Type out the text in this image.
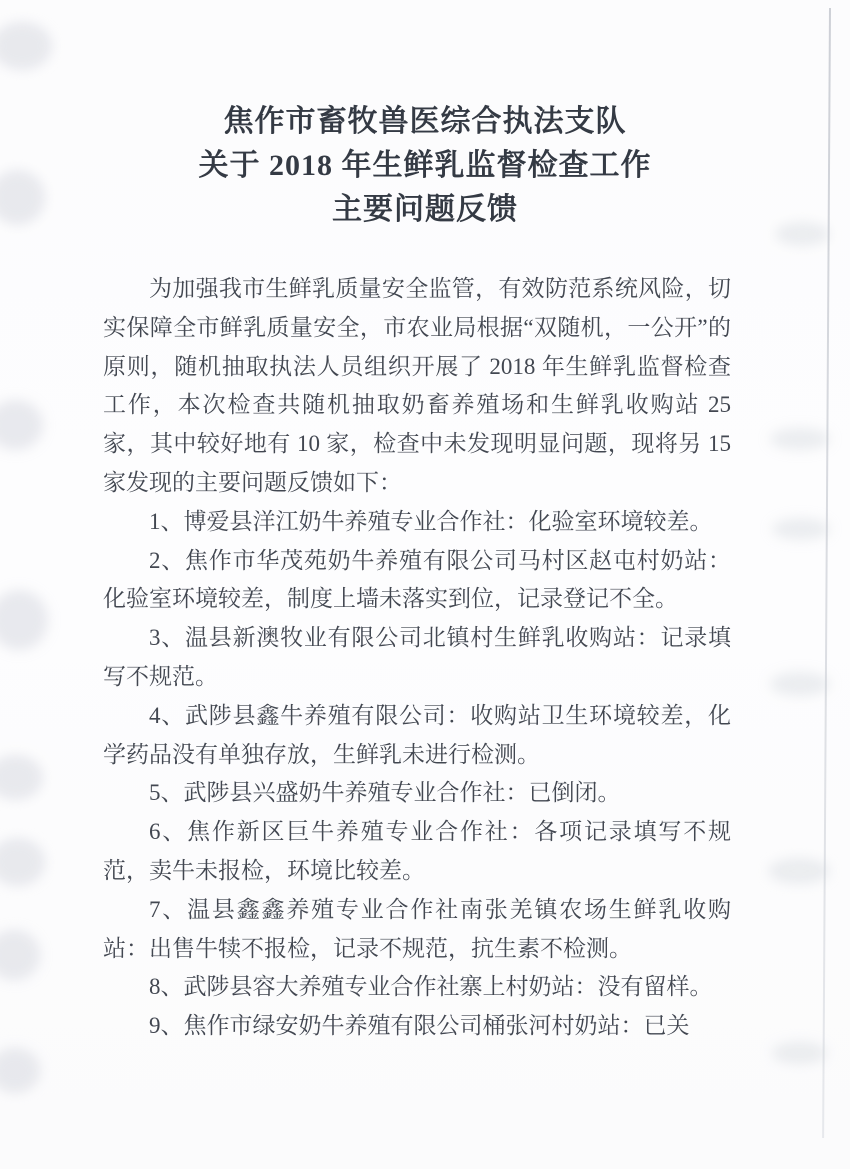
焦作市畜牧兽医综合执法支队
关于 2018 年生鲜乳监督检查工作
主要问题反馈

为加强我市生鲜乳质量安全监管，有效防范系统风险，切实保障全市鲜乳质量安全，市农业局根据“双随机，一公开”的原则，随机抽取执法人员组织开展了 2018 年生鲜乳监督检查工作，本次检查共随机抽取奶畜养殖场和生鲜乳收购站 25 家，其中较好地有 10 家，检查中未发现明显问题，现将另 15 家发现的主要问题反馈如下：

1、博爱县洋江奶牛养殖专业合作社：化验室环境较差。

2、焦作市华茂苑奶牛养殖有限公司马村区赵屯村奶站：化验室环境较差，制度上墙未落实到位，记录登记不全。

3、温县新澳牧业有限公司北镇村生鲜乳收购站：记录填写不规范。

4、武陟县鑫牛养殖有限公司：收购站卫生环境较差，化学药品没有单独存放，生鲜乳未进行检测。

5、武陟县兴盛奶牛养殖专业合作社：已倒闭。

6、焦作新区巨牛养殖专业合作社：各项记录填写不规范，卖牛未报检，环境比较差。

7、温县鑫鑫养殖专业合作社南张羌镇农场生鲜乳收购站：出售牛犊不报检，记录不规范，抗生素不检测。

8、武陟县容大养殖专业合作社寨上村奶站：没有留样。

9、焦作市绿安奶牛养殖有限公司桶张河村奶站：已关
